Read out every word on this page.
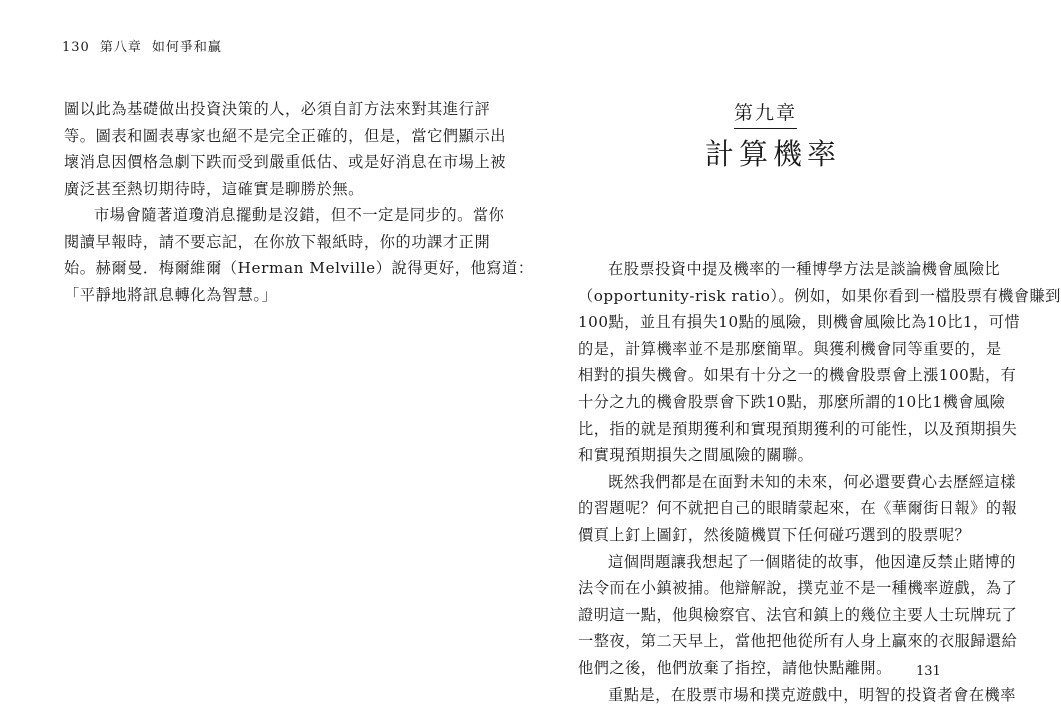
130 第八章 如何爭和贏

圖以此為基礎做出投資決策的人，必須自訂方法來對其進行評
等。圖表和圖表專家也絕不是完全正確的，但是，當它們顯示出
壞消息因價格急劇下跌而受到嚴重低估、或是好消息在市場上被
廣泛甚至熱切期待時，這確實是聊勝於無。

市場會隨著道瓊消息擺動是沒錯，但不一定是同步的。當你
閱讀早報時，請不要忘記，在你放下報紙時，你的功課才正開
始。赫爾曼．梅爾維爾（Herman Melville）說得更好，他寫道：
「平靜地將訊息轉化為智慧。」

第九章
計算機率

在股票投資中提及機率的一種博學方法是談論機會風險比
（opportunity-risk ratio）。例如，如果你看到一檔股票有機會賺到
100點，並且有損失10點的風險，則機會風險比為10比1，可惜
的是，計算機率並不是那麼簡單。與獲利機會同等重要的，是
相對的損失機會。如果有十分之一的機會股票會上漲100點，有
十分之九的機會股票會下跌10點，那麼所謂的10比1機會風險
比，指的就是預期獲利和實現預期獲利的可能性，以及預期損失
和實現預期損失之間風險的關聯。

既然我們都是在面對未知的未來，何必還要費心去歷經這樣
的習題呢？何不就把自己的眼睛蒙起來，在《華爾街日報》的報
價頁上釘上圖釘，然後隨機買下任何碰巧選到的股票呢？

這個問題讓我想起了一個賭徒的故事，他因違反禁止賭博的
法令而在小鎮被捕。他辯解說，撲克並不是一種機率遊戲，為了
證明這一點，他與檢察官、法官和鎮上的幾位主要人士玩牌玩了
一整夜，第二天早上，當他把他從所有人身上贏來的衣服歸還給
他們之後，他們放棄了指控，請他快點離開。

重點是，在股票市場和撲克遊戲中，明智的投資者會在機率

131
